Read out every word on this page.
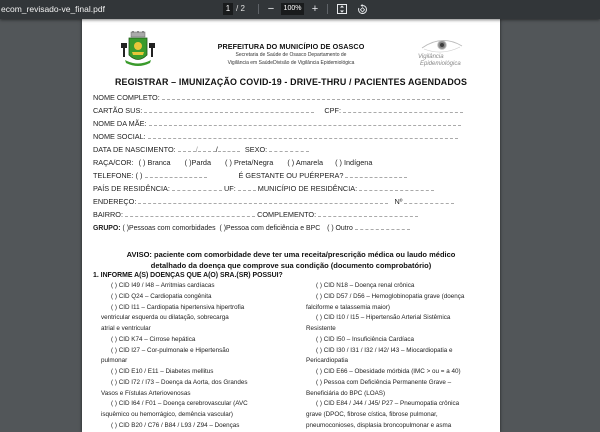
ecom_revisado-ve_final.pdf	1 / 2 −	100% +
PREFEITURA DO MUNICÍPIO DE OSASCO
Secretaria de Saúde de Osasco Departamento de
Vigilância em SaúdeDivisão de Vigilância Epidemiológica
Vigilância
Epidemiológica
REGISTRAR – IMUNIZAÇÃO COVID-19 - DRIVE-THRU / PACIENTES AGENDADOS
NOME COMPLETO:
CARTÃO SUS:	CPF:
NOME DA MÃE:
NOME SOCIAL:
DATA DE NASCIMENTO:	/ /	SEXO:
RAÇA/COR: ( ) Branca ( )Parda ( ) Preta/Negra ( ) Amarela ( ) Indígena
TELEFONE: ( )	É GESTANTE OU PUÉRPERA?
PAÍS DE RESIDÊNCIA:	UF:	MUNICÍPIO DE RESIDÊNCIA:
ENDEREÇO:	Nº
BAIRRO:	COMPLEMENTO:
GRUPO: ( )Pessoas com comorbidades ( )Pessoa com deficiência e BPC ( ) Outro
AVISO: paciente com comorbidade deve ter uma receita/prescrição médica ou laudo médico
detalhado da doença que comprove sua condição (documento comprobatório)
1. INFORME A(S) DOENÇAS QUE A(O) SRA.(SR) POSSUI?
( ) CID I49 / I48 – Arritmias cardíacas
( ) CID Q24 – Cardiopatia congênita
( ) CID I11 – Cardiopatia hipertensiva hipertrofia
ventricular esquerda ou dilatação, sobrecarga
atrial e ventricular
( ) CID K74 – Cirrose hepática
( ) CID I27 – Cor-pulmonale e Hipertensão
pulmonar
( ) CID E10 / E11 – Diabetes mellitus
( ) CID I72 / I73 – Doença da Aorta, dos Grandes
Vasos e Fístulas Arteriovenosas
( ) CID I64 / F01 – Doença cerebrovascular (AVC
isquêmico ou hemorrágico, demência vascular)
( ) CID B20 / C76 / B84 / L93 / Z94 – Doenças
( ) CID N18 – Doença renal crônica
( ) CID D57 / D56 – Hemoglobinopatia grave (doença
falciforme e talassemia maior)
( ) CID I10 / I15 – Hipertensão Arterial Sistêmica
Resistente
( ) CID I50 – Insuficiência Cardíaca
( ) CID I30 / I31 / I32 / I42/ I43 – Miocardiopatia e
Pericardiopatia
( ) CID E66 – Obesidade mórbida (IMC > ou = a 40)
( ) Pessoa com Deficiência Permanente Grave –
Beneficiária do BPC (LOAS)
( ) CID E84 / J44 / J45/ P27 – Pneumopatia crônica
grave (DPOC, fibrose cística, fibrose pulmonar,
pneumoconioses, displasia broncopulmonar e asma
